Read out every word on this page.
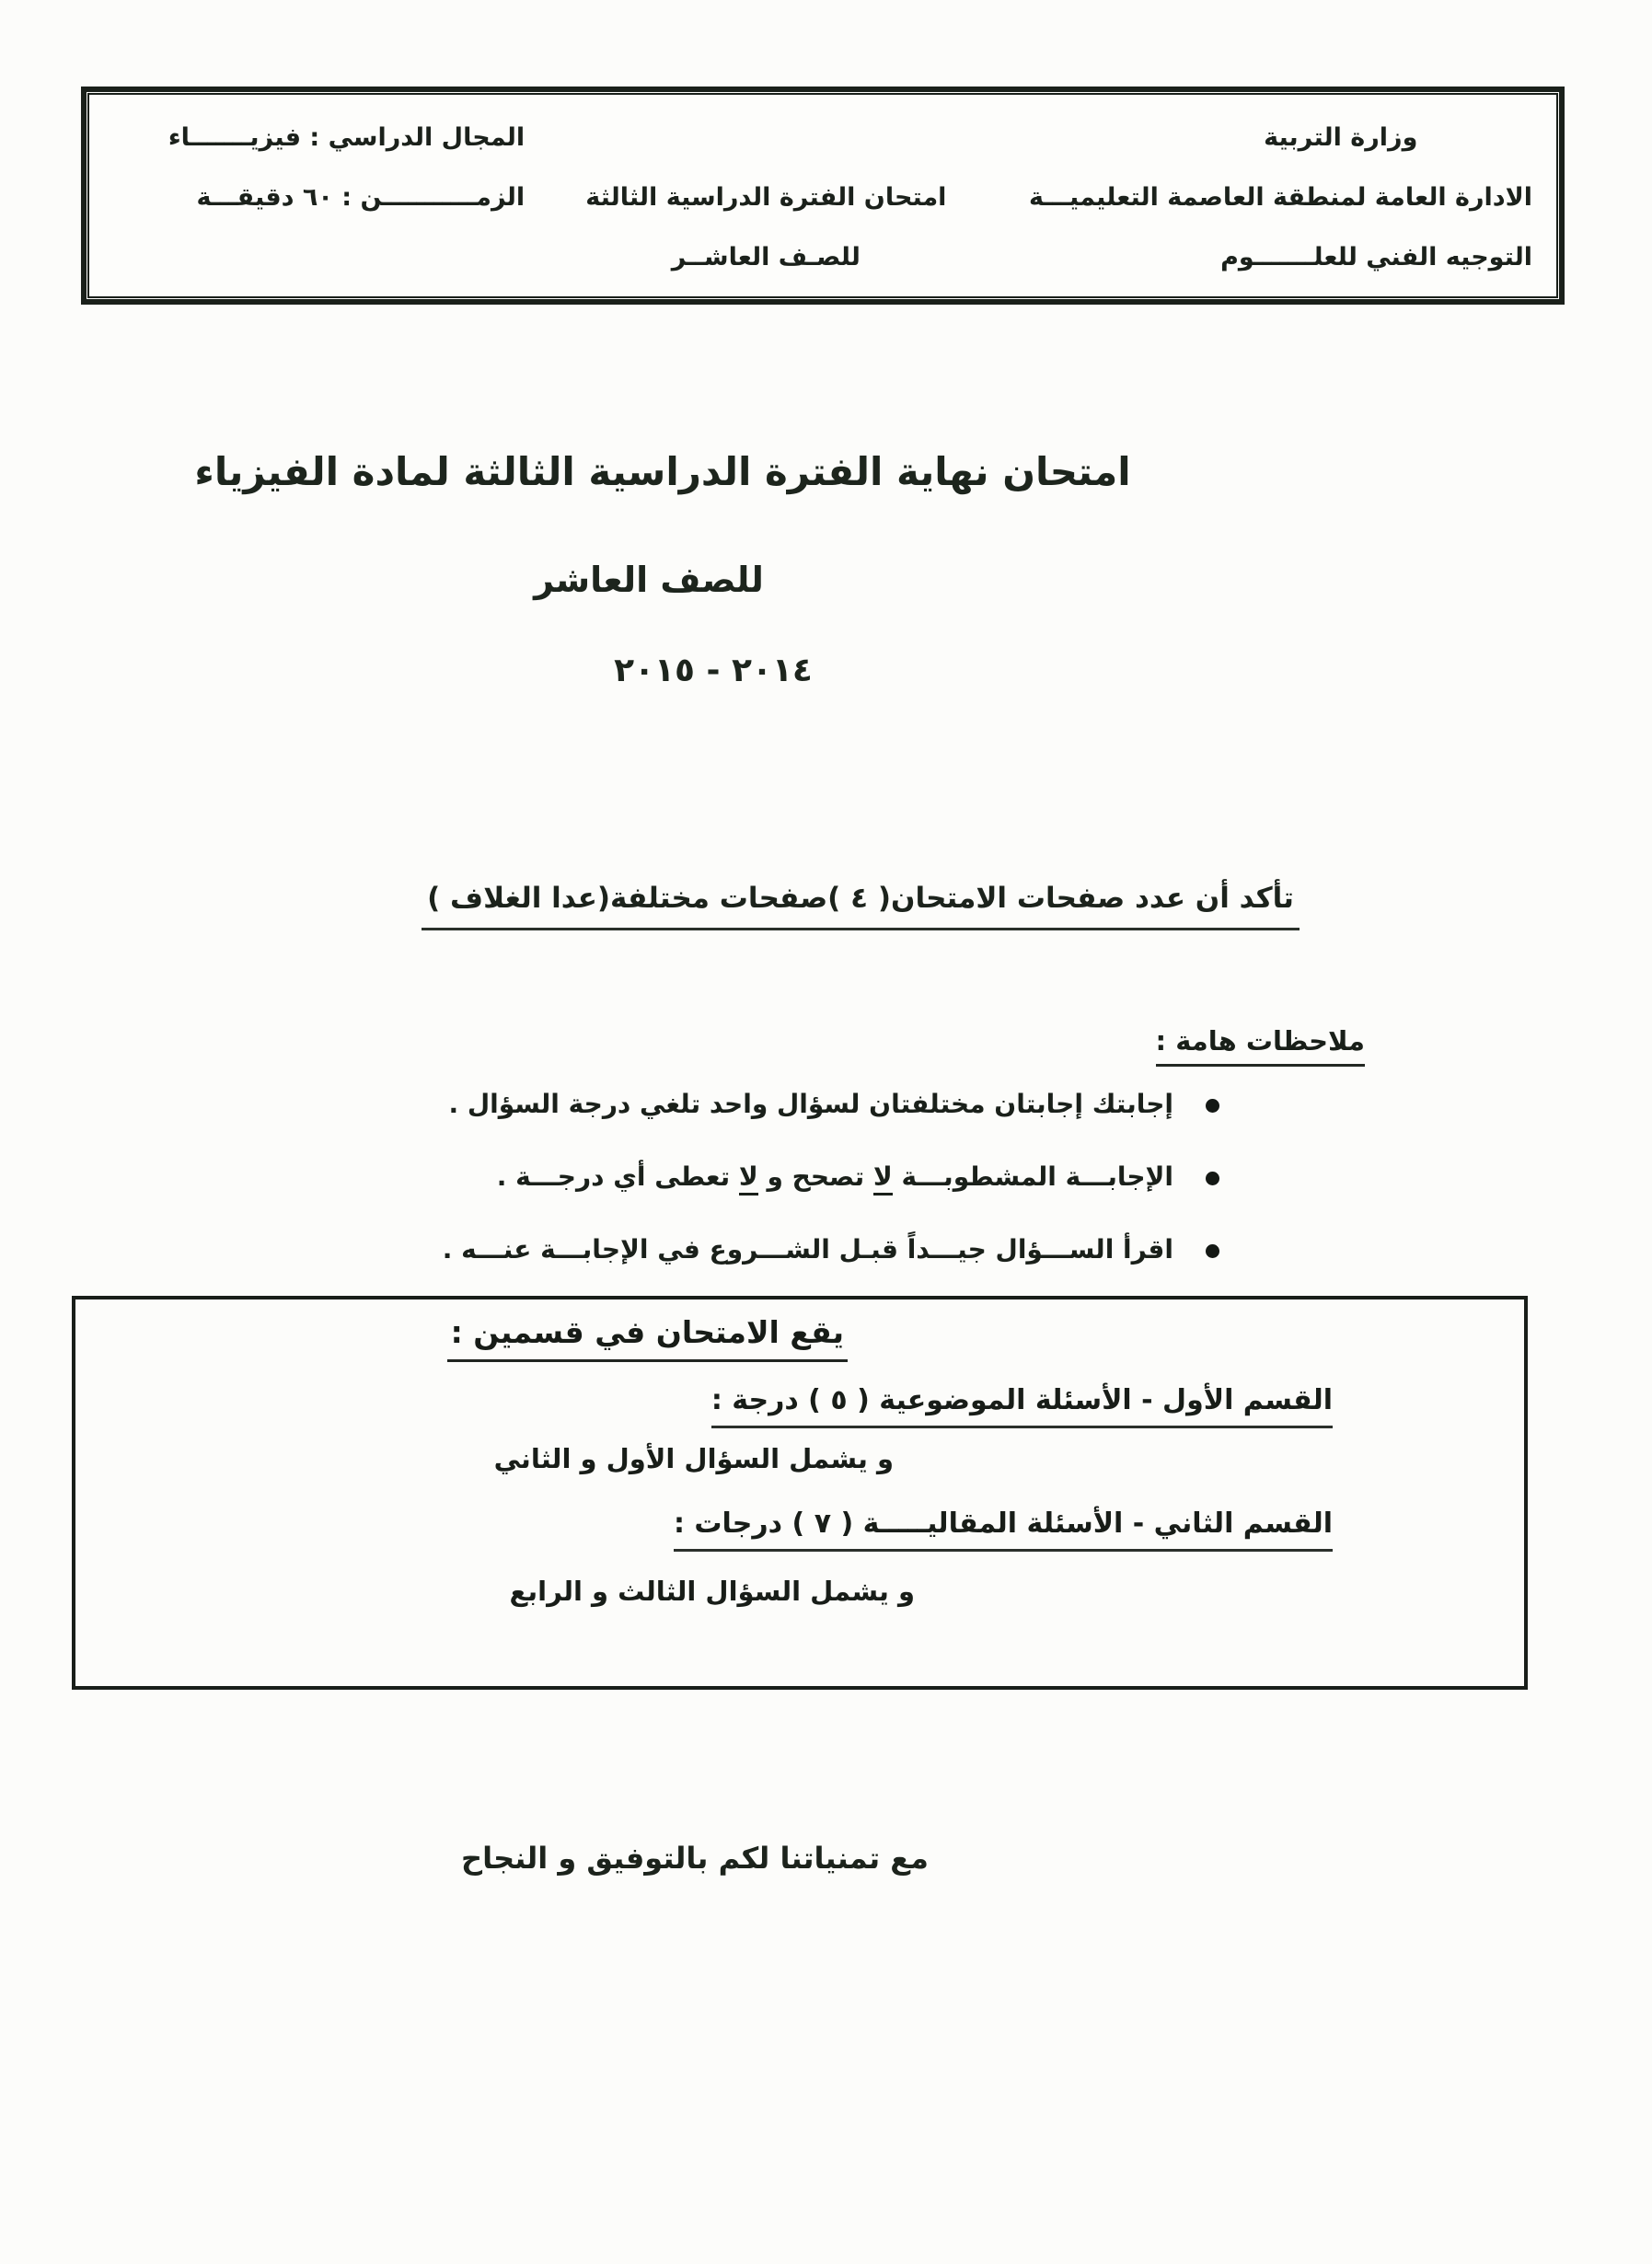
وزارة التربية
الادارة العامة لمنطقة العاصمة التعليميـــة
التوجيه الفني للعلـــــــوم
امتحان الفترة الدراسية الثالثة
للصـف العاشــر
المجال الدراسي : فيزيـــــــاء
الزمـــــــــــن : ٦٠ دقيقـــة
امتحان نهاية الفترة الدراسية الثالثة لمادة الفيزياء
للصف العاشر
٢٠١٤ - ٢٠١٥
تأكد أن عدد صفحات الامتحان( ٤ )صفحات مختلفة(عدا الغلاف )
ملاحظات هامة :
إجابتك إجابتان مختلفتان لسؤال واحد تلغي درجة السؤال .
الإجابـــة المشطوبـــة لا تصحح و لا تعطى أي درجـــة .
اقرأ الســـؤال جيـــداً قبـل الشـــروع في الإجابـــة عنـــه .
يقع الامتحان في قسمين :
القسم الأول - الأسئلة الموضوعية ( ٥ ) درجة :
و يشمل السؤال الأول و الثاني
القسم الثاني - الأسئلة المقاليـــــة ( ٧ ) درجات :
و يشمل السؤال الثالث و الرابع
مع تمنياتنا لكم بالتوفيق و النجاح
